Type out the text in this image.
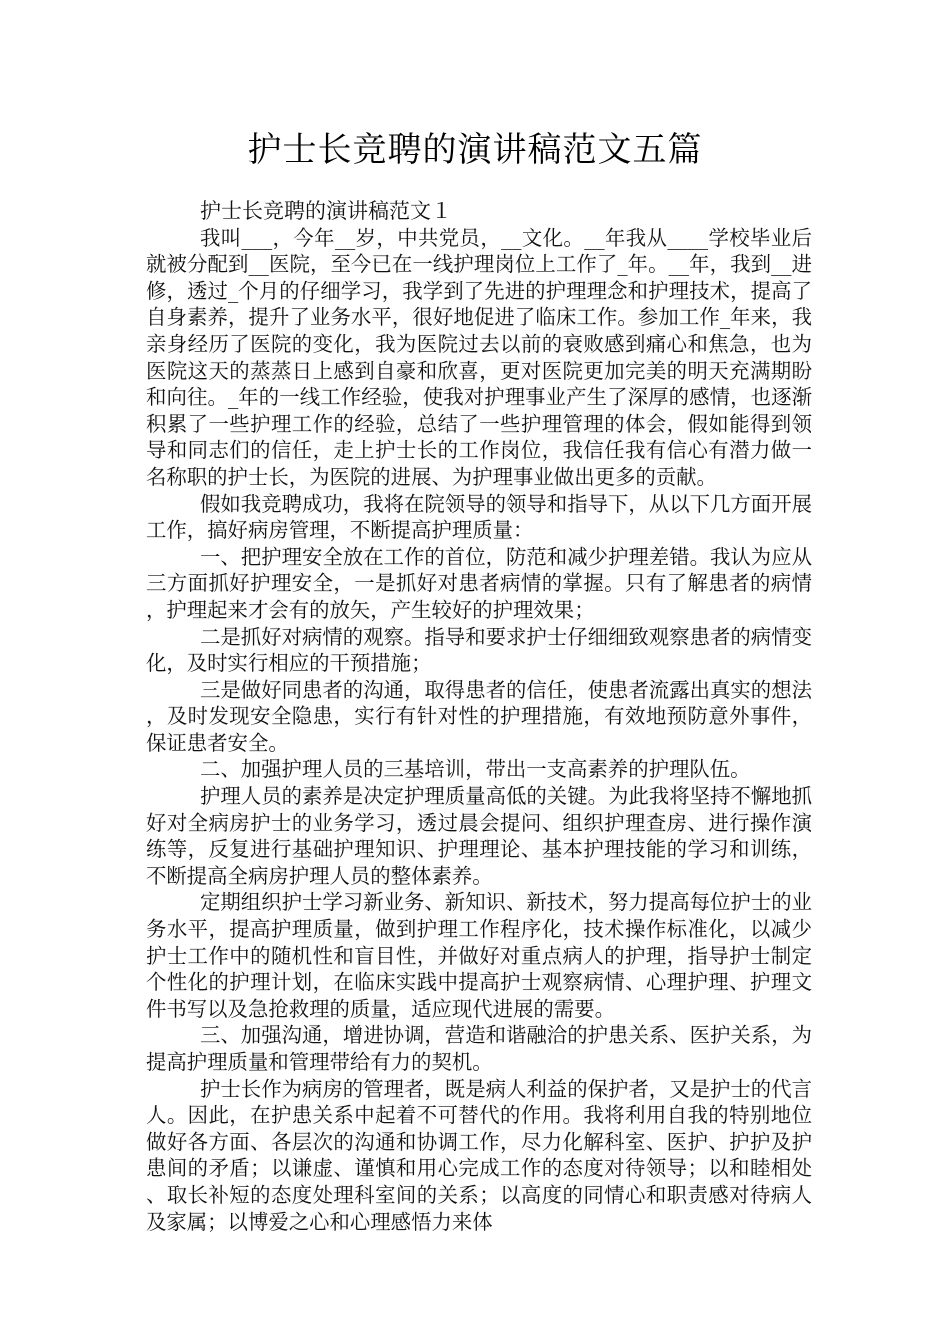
护士长竞聘的演讲稿范文五篇

护士长竞聘的演讲稿范文１

我叫___，今年__岁，中共党员，__文化。__年我从____学校毕业后就被分配到__医院，至今已在一线护理岗位上工作了_年。__年，我到__进修，透过_个月的仔细学习，我学到了先进的护理理念和护理技术，提高了自身素养，提升了业务水平，很好地促进了临床工作。参加工作_年来，我亲身经历了医院的变化，我为医院过去以前的衰败感到痛心和焦急，也为医院这天的蒸蒸日上感到自豪和欣喜，更对医院更加完美的明天充满期盼和向往。_年的一线工作经验，使我对护理事业产生了深厚的感情，也逐渐积累了一些护理工作的经验，总结了一些护理管理的体会，假如能得到领导和同志们的信任，走上护士长的工作岗位，我信任我有信心有潜力做一名称职的护士长，为医院的进展、为护理事业做出更多的贡献。

假如我竞聘成功，我将在院领导的领导和指导下，从以下几方面开展工作，搞好病房管理，不断提高护理质量：

一、把护理安全放在工作的首位，防范和减少护理差错。我认为应从三方面抓好护理安全，一是抓好对患者病情的掌握。只有了解患者的病情，护理起来才会有的放矢，产生较好的护理效果；

二是抓好对病情的观察。指导和要求护士仔细细致观察患者的病情变化，及时实行相应的干预措施；

三是做好同患者的沟通，取得患者的信任，使患者流露出真实的想法，及时发现安全隐患，实行有针对性的护理措施，有效地预防意外事件，保证患者安全。

二、加强护理人员的三基培训，带出一支高素养的护理队伍。

护理人员的素养是决定护理质量高低的关键。为此我将坚持不懈地抓好对全病房护士的业务学习，透过晨会提问、组织护理查房、进行操作演练等，反复进行基础护理知识、护理理论、基本护理技能的学习和训练，不断提高全病房护理人员的整体素养。

定期组织护士学习新业务、新知识、新技术，努力提高每位护士的业务水平，提高护理质量，做到护理工作程序化，技术操作标准化，以减少护士工作中的随机性和盲目性，并做好对重点病人的护理，指导护士制定个性化的护理计划，在临床实践中提高护士观察病情、心理护理、护理文件书写以及急抢救理的质量，适应现代进展的需要。

三、加强沟通，增进协调，营造和谐融洽的护患关系、医护关系，为提高护理质量和管理带给有力的契机。

护士长作为病房的管理者，既是病人利益的保护者，又是护士的代言人。因此，在护患关系中起着不可替代的作用。我将利用自我的特别地位做好各方面、各层次的沟通和协调工作，尽力化解科室、医护、护护及护患间的矛盾；以谦虚、谨慎和用心完成工作的态度对待领导；以和睦相处、取长补短的态度处理科室间的关系；以高度的同情心和职责感对待病人及家属；以博爱之心和心理感悟力来体
